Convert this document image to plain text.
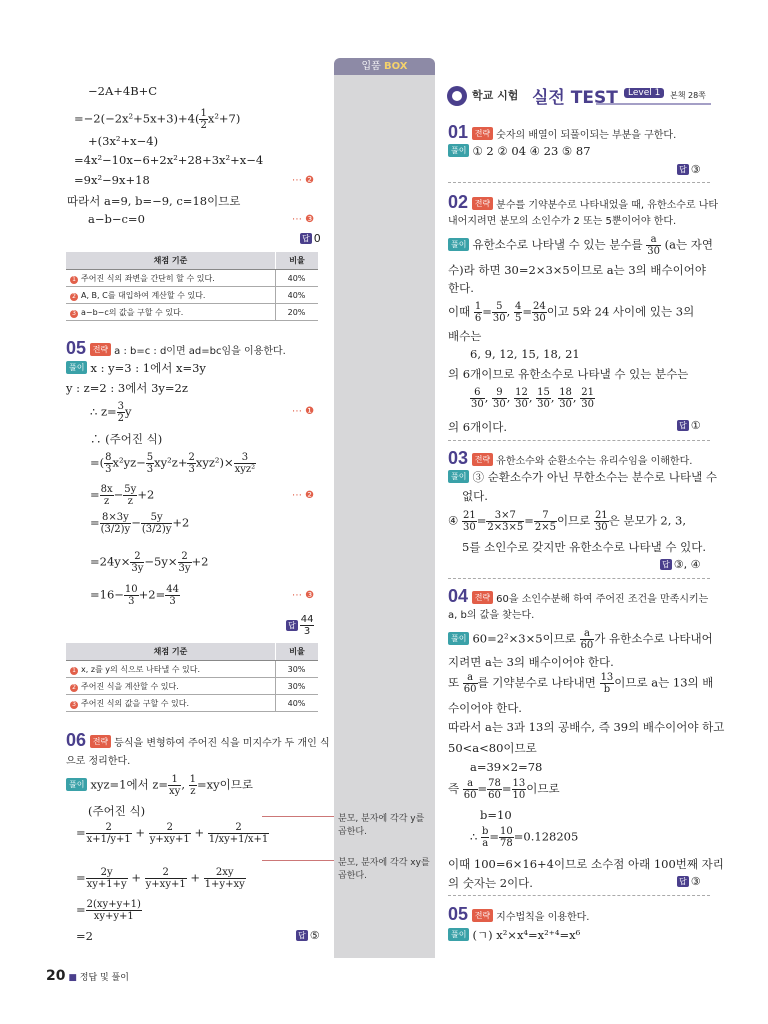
입품 BOX
−2A+4B+C
$=-2(-2x^2+5x+3)+4( \frac{1}{2} x^2+7)$
+(3x²+x−4)
=4x²−10x−6+2x²+28+3x²+x−4
=9x²−9x+18	⋯ ❷
따라서 a=9, b=−9, c=18이므로
a−b−c=0	⋯ ❸
답 0
채점 기준	비율
1 주어진 식의 좌변을 간단히 할 수 있다.	40%
2 A, B, C를 대입하여 계산할 수 있다.	40%
3 a−b−c의 값을 구할 수 있다.	20%
05 전략 a : b=c : d이면 ad=bc임을 이용한다.
풀이 x : y=3 : 1에서 x=3y
y : z=2 : 3에서 3y=2z
∴ $z= \frac{3}{2}$ y	⋯ ❶
∴ (주어진 식)
=( $\frac{8}{3} x^2yz- \frac{5}{3} xy^2z+ \frac{2}{3} xyz^2)\times \frac{3}{\text{xyz²}}$
= $\frac{8x}{z} - \frac{5y}{z} +2$	⋯ ❷
= $\frac{8\times 3y}{(3/2)y} - \frac{5y}{(3/2)y} +2$
$=24y\times \frac{2}{3y} -5y\times \frac{2}{3y} +2$
$=16- \frac{10}{3} +2= \frac{44}{3}$	⋯ ❸
답 $\frac{44}{3}$
채점 기준	비율
1 x, z를 y의 식으로 나타낼 수 있다.	30%
2 주어진 식을 계산할 수 있다.	30%
3 주어진 식의 값을 구할 수 있다.	40%
06 전략 등식을 변형하여 주어진 식을 미지수가 두 개인 식
으로 정리한다.
풀이 xyz=1에서 $z= \frac{1}{xy}$ , $\frac{1}{z} =xy$이므로
(주어진 식)
= $\frac{2}{x+1/y+1} + \frac{2}{y+xy+1} + \frac{2}{1/xy+1/x+1}$
= $\frac{2y}{xy+1+y} + \frac{2}{y+xy+1} + \frac{2xy}{1+y+xy}$
= $\frac{2(xy+y+1)}{xy+y+1}$
=2	답 ⑤
분모, 분자에 각각 y를 곱한다.
분모, 분자에 각각 xy를 곱한다.
학교 시험 실전 TEST	Level 1	본책 28쪽
01 전략 숫자의 배열이 되풀이되는 부분을 구한다.
풀이 ① 2 ② 04 ④ 23 ⑤ 87
답 ③
02 전략 분수를 기약분수로 나타내었을 때, 유한소수로 나타
내어지려면 분모의 소인수가 2 또는 5뿐이어야 한다.
풀이 유한소수로 나타낼 수 있는 분수를 $\frac{a}{30} (a$는 자연
수)라 하면 30=2×3×5이므로 a는 3의 배수이어야
한다.
이때 $\frac{1}{6} = \frac{5}{30}$ , $\frac{4}{5} = \frac{24}{30}$ 이고 5와 24 사이에 있는 3의
배수는
6, 9, 12, 15, 18, 21
의 6개이므로 유한소수로 나타낼 수 있는 분수는
$\frac{6}{30}$ , $\frac{9}{30}$ , $\frac{12}{30}$ , $\frac{15}{30}$ , $\frac{18}{30}$ , $\frac{21}{30}$
의 6개이다.	답 ①
03 전략 유한소수와 순환소수는 유리수임을 이해한다.
풀이 ③ 순환소수가 아닌 무한소수는 분수로 나타낼 수
없다.
④ $\frac{21}{30} = \frac{3\times 7}{2\times 3\times 5} = \frac{7}{2\times 5}$ 이므로 $\frac{21}{30}$ 은 분모가 2, 3,
5를 소인수로 갖지만 유한소수로 나타낼 수 있다.
답 ③, ④
04 전략 60을 소인수분해 하여 주어진 조건을 만족시키는
a, b의 값을 찾는다.
풀이 60=2²×3×5이므로 $\frac{a}{60}$ 가 유한소수로 나타내어
지려면 a는 3의 배수이어야 한다.
또 $\frac{a}{60}$ 를 기약분수로 나타내면 $\frac{13}{b}$ 이므로 a는 13의 배
수이어야 한다.
따라서 a는 3과 13의 공배수, 즉 39의 배수이어야 하고
50<a<80이므로
a=39×2=78
즉 $\frac{a}{60} = \frac{78}{60} = \frac{13}{10}$ 이므로
b=10
∴ $\frac{b}{a} = \frac{10}{78} =0.128205$
이때 100=6×16+4이므로 소수점 아래 100번째 자리
의 숫자는 2이다.	답 ③
05 전략 지수법칙을 이용한다.
풀이 (ㄱ) x²×x⁴=x²⁺⁴=x⁶
20 ■ 정답 및 풀이
